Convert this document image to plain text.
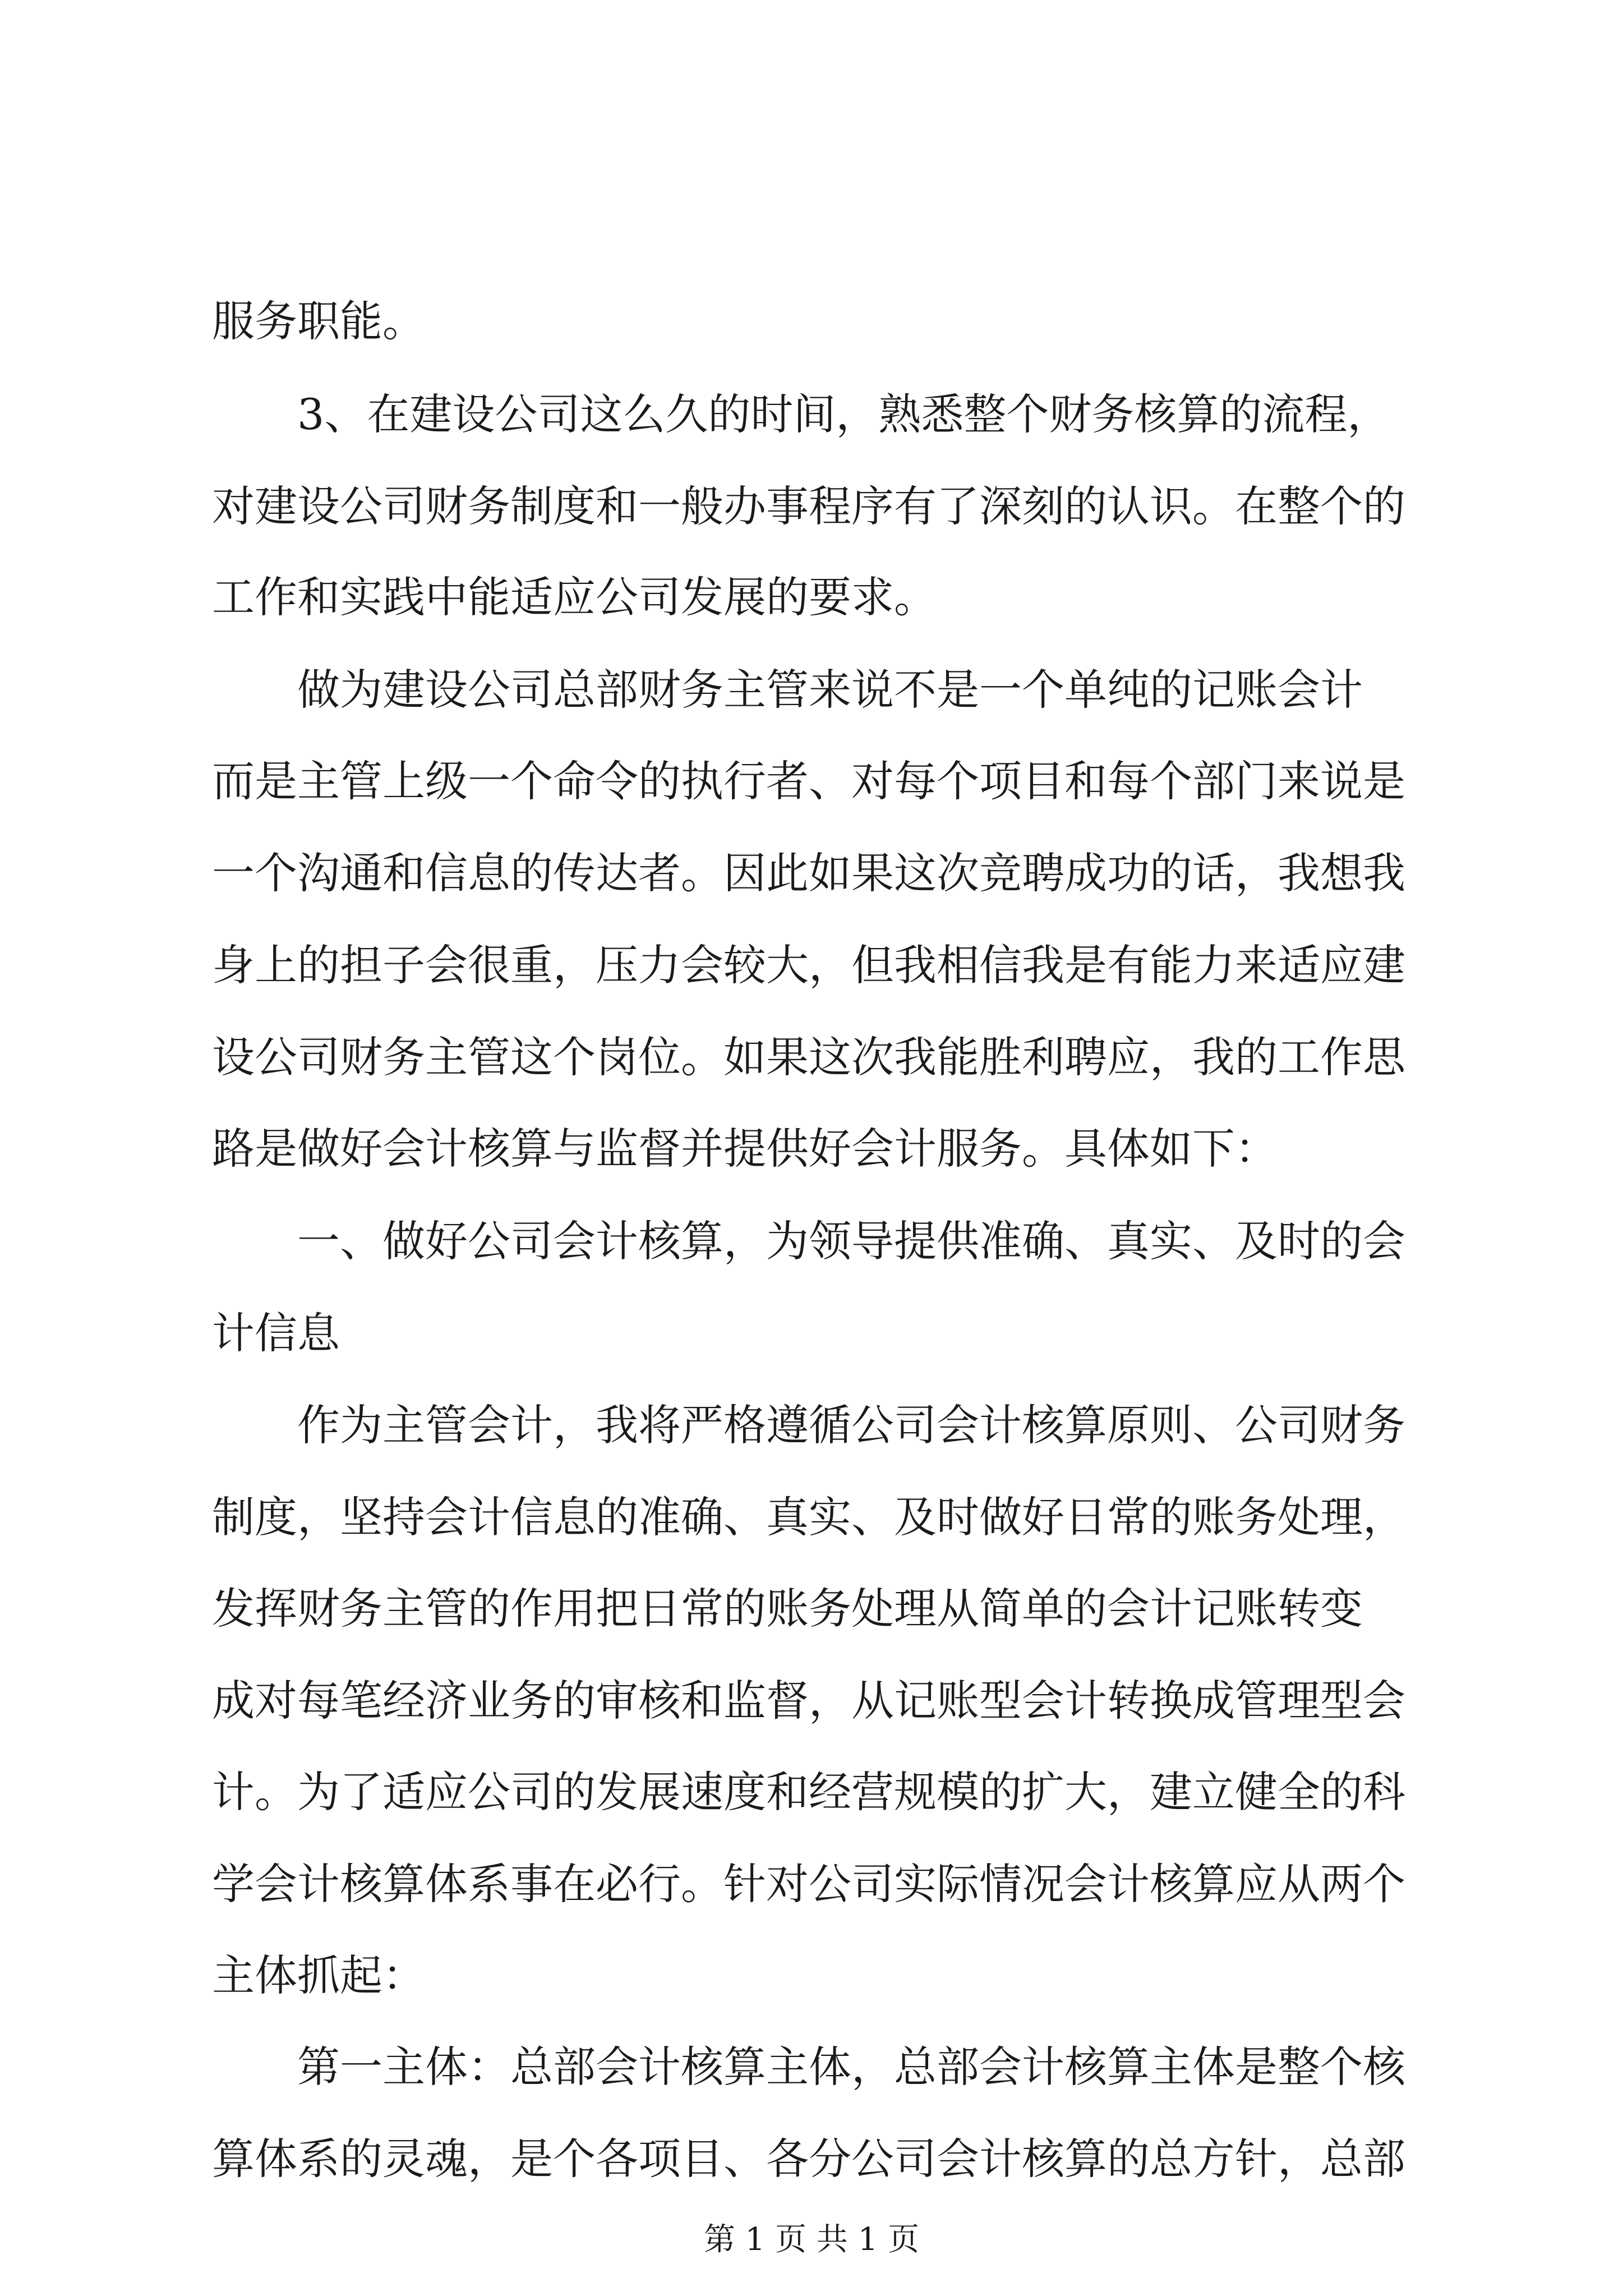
服务职能。
　　3、在建设公司这么久的时间，熟悉整个财务核算的流程，
对建设公司财务制度和一般办事程序有了深刻的认识。在整个的
工作和实践中能适应公司发展的要求。
　　做为建设公司总部财务主管来说不是一个单纯的记账会计
而是主管上级一个命令的执行者、对每个项目和每个部门来说是
一个沟通和信息的传达者。因此如果这次竞聘成功的话，我想我
身上的担子会很重，压力会较大，但我相信我是有能力来适应建
设公司财务主管这个岗位。如果这次我能胜利聘应，我的工作思
路是做好会计核算与监督并提供好会计服务。具体如下：
　　一、做好公司会计核算，为领导提供准确、真实、及时的会
计信息
　　作为主管会计，我将严格遵循公司会计核算原则、公司财务
制度，坚持会计信息的准确、真实、及时做好日常的账务处理，
发挥财务主管的作用把日常的账务处理从简单的会计记账转变
成对每笔经济业务的审核和监督，从记账型会计转换成管理型会
计。为了适应公司的发展速度和经营规模的扩大，建立健全的科
学会计核算体系事在必行。针对公司实际情况会计核算应从两个
主体抓起：
　　第一主体：总部会计核算主体，总部会计核算主体是整个核
算体系的灵魂，是个各项目、各分公司会计核算的总方针，总部
第 1 页 共 1 页
